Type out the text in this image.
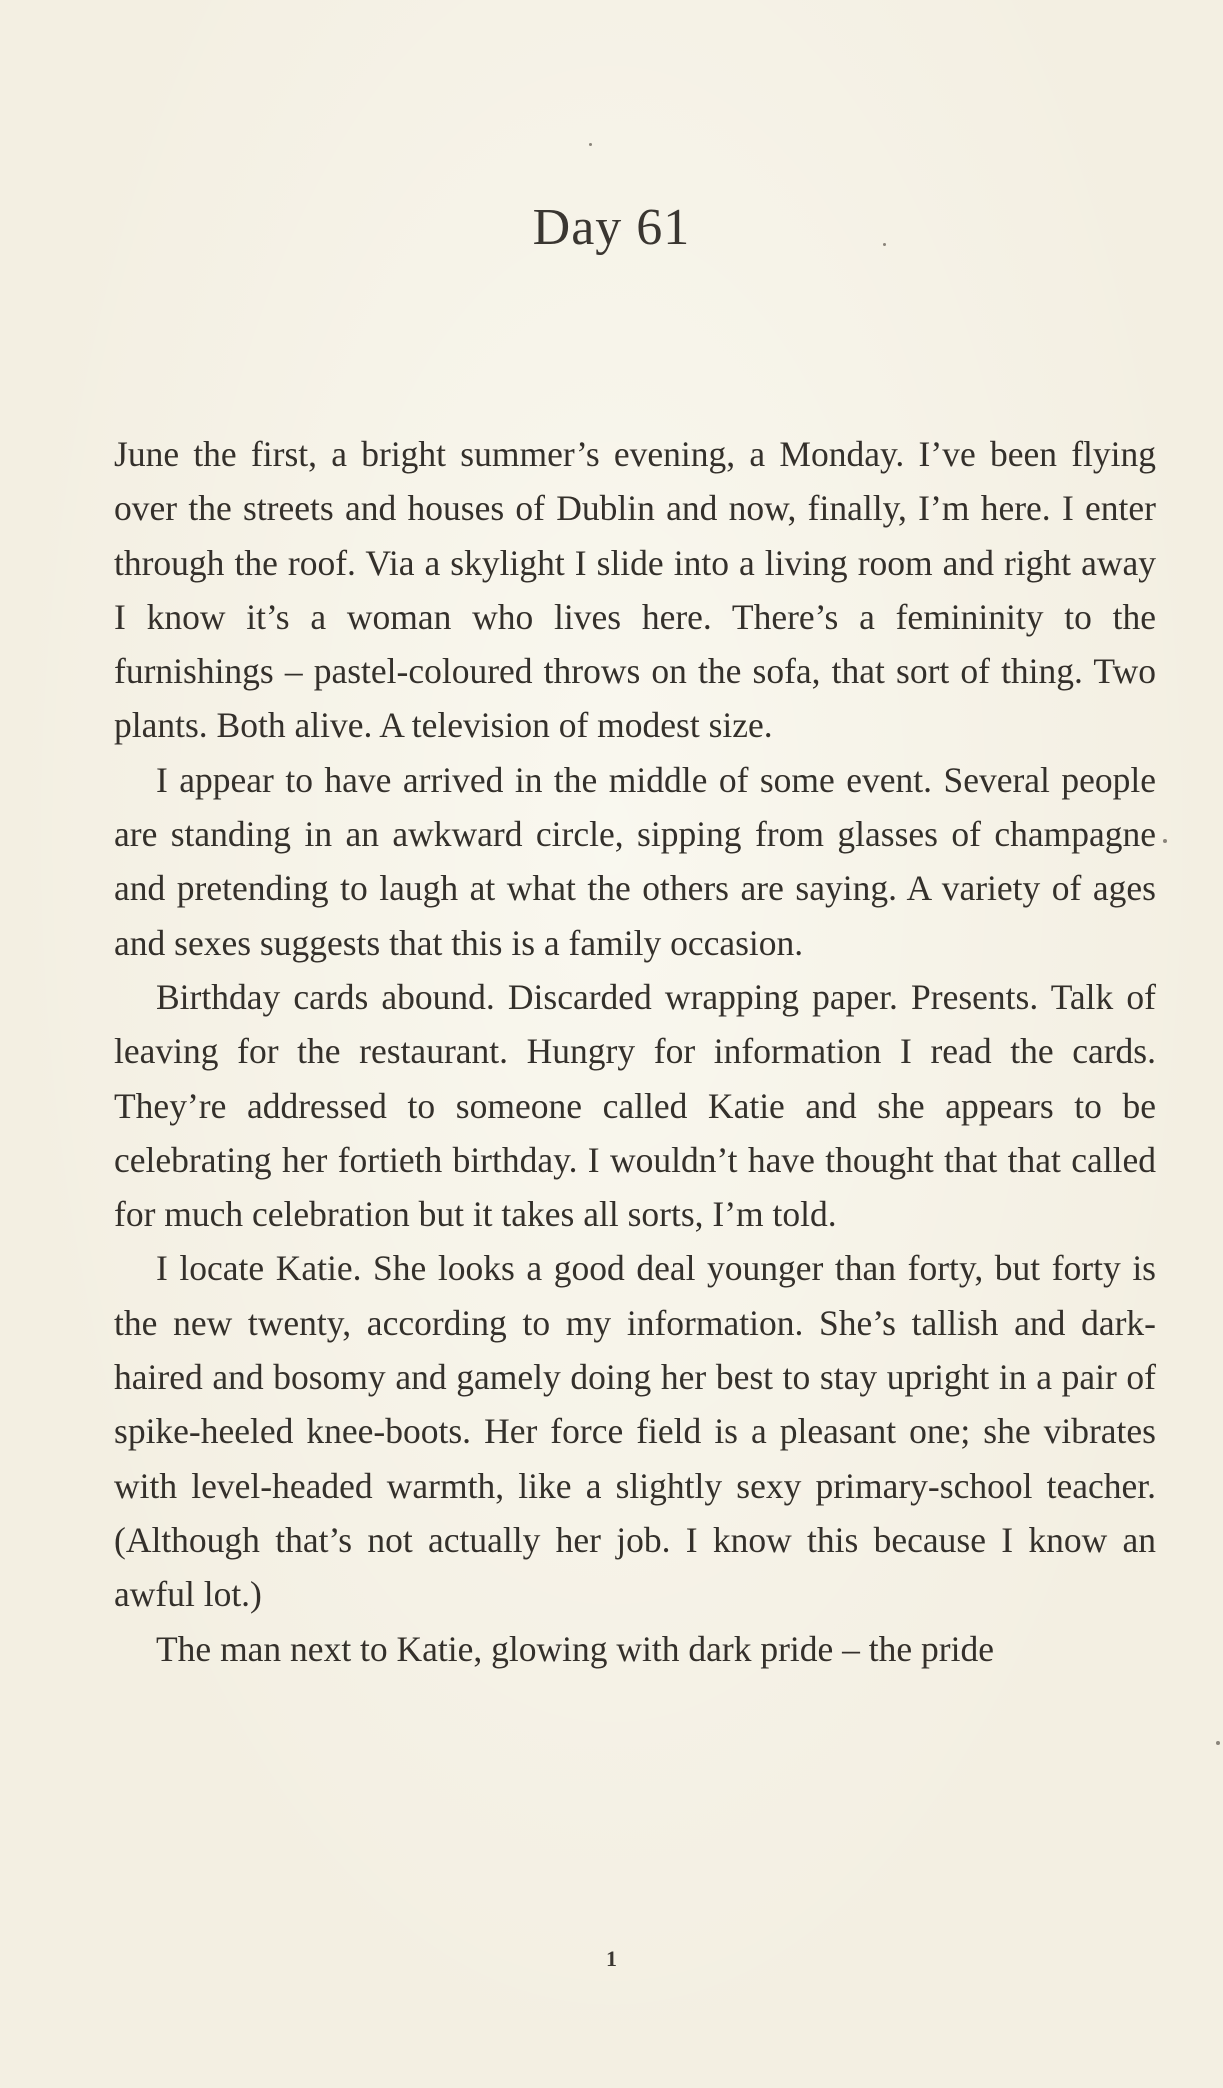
Day 61

June the first, a bright summer’s evening, a Monday. I’ve been flying over the streets and houses of Dublin and now, finally, I’m here. I enter through the roof. Via a skylight I slide into a living room and right away I know it’s a woman who lives here. There’s a femininity to the furnishings – pastel-coloured throws on the sofa, that sort of thing. Two plants. Both alive. A television of modest size.

I appear to have arrived in the middle of some event. Several people are standing in an awkward circle, sipping from glasses of champagne and pretending to laugh at what the others are saying. A variety of ages and sexes suggests that this is a family occasion.

Birthday cards abound. Discarded wrapping paper. Presents. Talk of leaving for the restaurant. Hungry for information I read the cards. They’re addressed to someone called Katie and she appears to be celebrating her fortieth birthday. I wouldn’t have thought that that called for much celebration but it takes all sorts, I’m told.

I locate Katie. She looks a good deal younger than forty, but forty is the new twenty, according to my information. She’s tallish and dark-haired and bosomy and gamely doing her best to stay upright in a pair of spike-heeled knee-boots. Her force field is a pleasant one; she vibrates with level-headed warmth, like a slightly sexy primary-school teacher. (Although that’s not actually her job. I know this because I know an awful lot.)

The man next to Katie, glowing with dark pride – the pride

1
